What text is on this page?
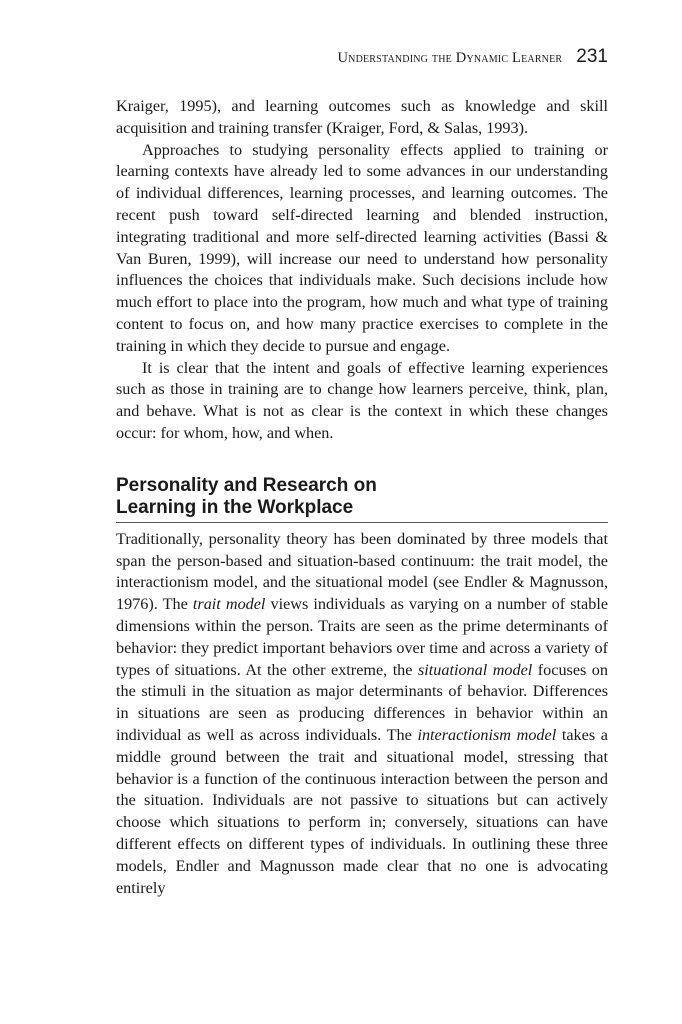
Understanding the Dynamic Learner 231

Kraiger, 1995), and learning outcomes such as knowledge and skill acquisition and training transfer (Kraiger, Ford, & Salas, 1993).

Approaches to studying personality effects applied to training or learning contexts have already led to some advances in our understanding of individual differences, learning processes, and learning outcomes. The recent push toward self-directed learning and blended instruction, integrating traditional and more self-directed learning activities (Bassi & Van Buren, 1999), will increase our need to understand how personality influences the choices that individuals make. Such decisions include how much effort to place into the program, how much and what type of training content to focus on, and how many practice exercises to complete in the training in which they decide to pursue and engage.

It is clear that the intent and goals of effective learning experiences such as those in training are to change how learners perceive, think, plan, and behave. What is not as clear is the context in which these changes occur: for whom, how, and when.

Personality and Research on
Learning in the Workplace

Traditionally, personality theory has been dominated by three models that span the person-based and situation-based continuum: the trait model, the interactionism model, and the situational model (see Endler & Magnusson, 1976). The trait model views individuals as varying on a number of stable dimensions within the person. Traits are seen as the prime determinants of behavior: they predict important behaviors over time and across a variety of types of situations. At the other extreme, the situational model focuses on the stimuli in the situation as major determinants of behavior. Differences in situations are seen as producing differences in behavior within an individual as well as across individuals. The interactionism model takes a middle ground between the trait and situational model, stressing that behavior is a function of the continuous interaction between the person and the situation. Individuals are not passive to situations but can actively choose which situations to perform in; conversely, situations can have different effects on different types of individuals. In outlining these three models, Endler and Magnusson made clear that no one is advocating entirely
